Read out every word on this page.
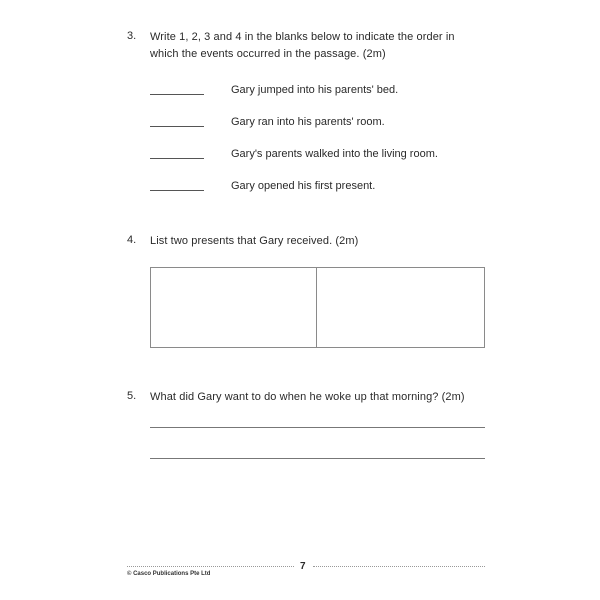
3. Write 1, 2, 3 and 4 in the blanks below to indicate the order in
which the events occurred in the passage. (2m)
Gary jumped into his parents' bed.
Gary ran into his parents' room.
Gary's parents walked into the living room.
Gary opened his first present.
4. List two presents that Gary received. (2m)
5. What did Gary want to do when he woke up that morning? (2m)
7
© Casco Publications Pte Ltd
